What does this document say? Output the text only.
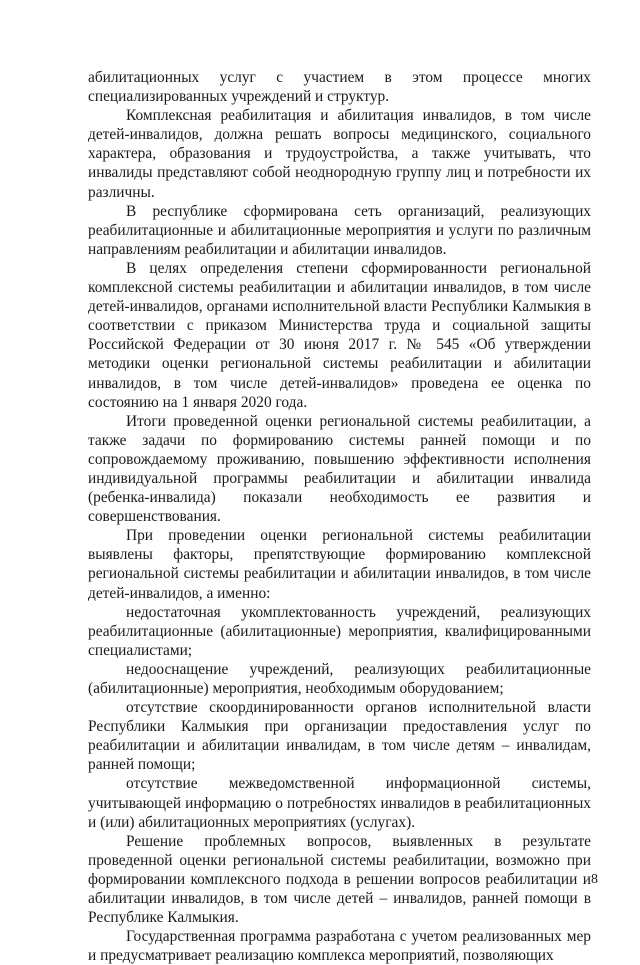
абилитационных услуг с участием в этом процессе многих специализированных учреждений и структур.

Комплексная реабилитация и абилитация инвалидов, в том числе детей-инвалидов, должна решать вопросы медицинского, социального характера, образования и трудоустройства, а также учитывать, что инвалиды представляют собой неоднородную группу лиц и потребности их различны.

В республике сформирована сеть организаций, реализующих реабилитационные и абилитационные мероприятия и услуги по различным направлениям реабилитации и абилитации инвалидов.

В целях определения степени сформированности региональной комплексной системы реабилитации и абилитации инвалидов, в том числе детей-инвалидов, органами исполнительной власти Республики Калмыкия в соответствии с приказом Министерства труда и социальной защиты Российской Федерации от 30 июня 2017 г. № 545 «Об утверждении методики оценки региональной системы реабилитации и абилитации инвалидов, в том числе детей-инвалидов» проведена ее оценка по состоянию на 1 января 2020 года.

Итоги проведенной оценки региональной системы реабилитации, а также задачи по формированию системы ранней помощи и по сопровождаемому проживанию, повышению эффективности исполнения индивидуальной программы реабилитации и абилитации инвалида (ребенка-инвалида) показали необходимость ее развития и совершенствования.

При проведении оценки региональной системы реабилитации выявлены факторы, препятствующие формированию комплексной региональной системы реабилитации и абилитации инвалидов, в том числе детей-инвалидов, а именно:

недостаточная укомплектованность учреждений, реализующих реабилитационные (абилитационные) мероприятия, квалифицированными специалистами;

недооснащение учреждений, реализующих реабилитационные (абилитационные) мероприятия, необходимым оборудованием;

отсутствие скоординированности органов исполнительной власти Республики Калмыкия при организации предоставления услуг по реабилитации и абилитации инвалидам, в том числе детям – инвалидам, ранней помощи;

отсутствие межведомственной информационной системы, учитывающей информацию о потребностях инвалидов в реабилитационных и (или) абилитационных мероприятиях (услугах).

Решение проблемных вопросов, выявленных в результате проведенной оценки региональной системы реабилитации, возможно при формировании комплексного подхода в решении вопросов реабилитации и абилитации инвалидов, в том числе детей – инвалидов, ранней помощи в Республике Калмыкия.

Государственная программа разработана с учетом реализованных мер и предусматривает реализацию комплекса мероприятий, позволяющих

8
